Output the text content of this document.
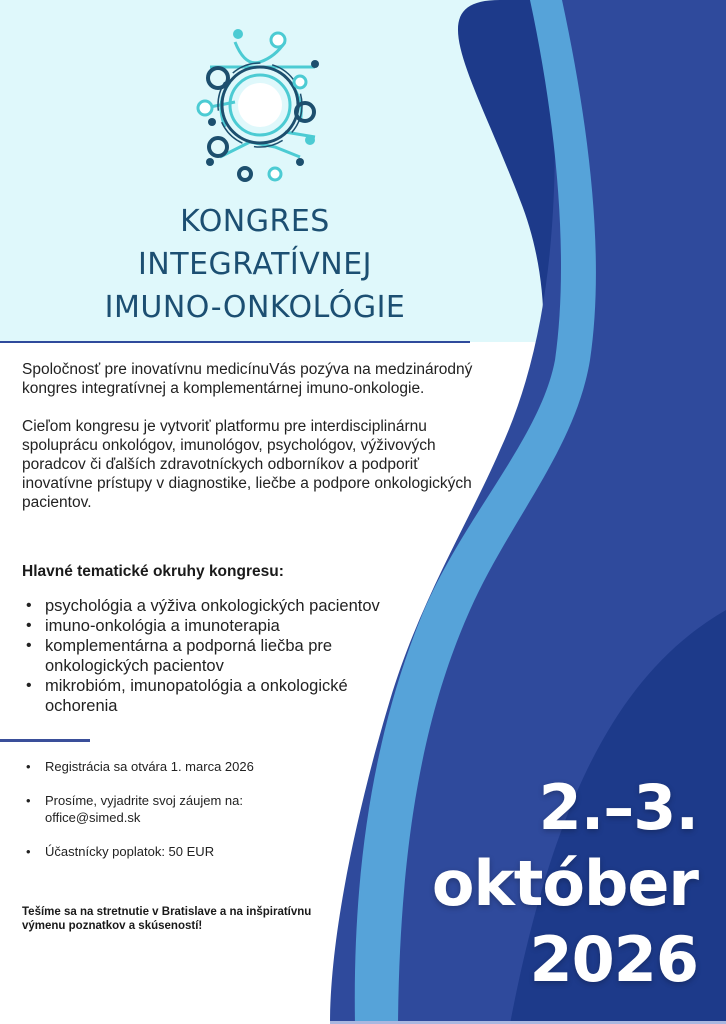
KONGRES
INTEGRATÍVNEJ
IMUNO-ONKOLÓGIE

Spoločnosť pre inovatívnu medicínuVás pozýva na medzinárodný kongres integratívnej a komplementárnej imuno-onkologie.

Cieľom kongresu je vytvoriť platformu pre interdisciplinárnu spoluprácu onkológov, imunológov, psychológov, výživových poradcov či ďalších zdravotníckych odborníkov a podporiť inovatívne prístupy v diagnostike, liečbe a podpore onkologických pacientov.

Hlavné tematické okruhy kongresu:
• psychológia a výživa onkologických pacientov
• imuno-onkológia a imunoterapia
• komplementárna a podporná liečba pre onkologických pacientov
• mikrobióm, imunopatológia a onkologické ochorenia
• Registrácia sa otvára 1. marca 2026
• Prosíme, vyjadrite svoj záujem na:
office@simed.sk
• Účastnícky poplatok: 50 EUR
Tešíme sa na stretnutie v Bratislave a na inšpiratívnu výmenu poznatkov a skúseností!
2.–3.
október
2026
